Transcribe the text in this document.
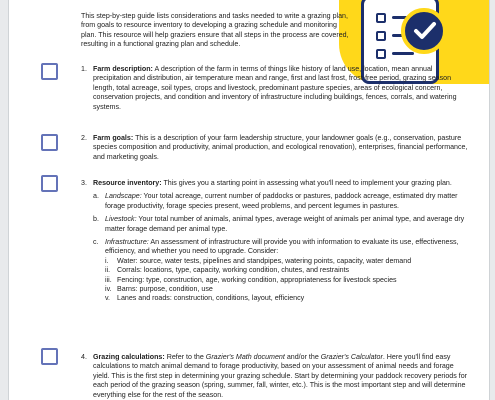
This step-by-step guide lists considerations and tasks needed to write a grazing plan, from goals to resource inventory to developing a grazing schedule and monitoring plan. This resource will help graziers ensure that all steps in the process are covered, resulting in a functional grazing plan and schedule.
1. Farm description: A description of the farm in terms of things like history of land use, location, mean annual precipitation and distribution, air temperature mean and range, first and last frost, frost-free period, grazing season length, total acreage, soil types, crops and livestock, predominant pasture species, areas of ecological concern, conservation projects, and condition and inventory of infrastructure including buildings, fences, corrals, and watering systems.
2. Farm goals: This is a description of your farm leadership structure, your landowner goals (e.g., conservation, pasture species composition and productivity, animal production, and ecological renovation), enterprises, financial performance, and marketing goals.
3. Resource inventory: This gives you a starting point in assessing what you'll need to implement your grazing plan.
a. Landscape: Your total acreage, current number of paddocks or pastures, paddock acreage, estimated dry matter forage productivity, forage species present, weed problems, and percent legumes in pastures.
b. Livestock: Your total number of animals, animal types, average weight of animals per animal type, and average dry matter forage demand per animal type.
c. Infrastructure: An assessment of infrastructure will provide you with information to evaluate its use, effectiveness, efficiency, and whether you need to upgrade. Consider:
i. Water: source, water tests, pipelines and standpipes, watering points, capacity, water demand
ii. Corrals: locations, type, capacity, working condition, chutes, and restraints
iii. Fencing: type, construction, age, working condition, appropriateness for livestock species
iv. Barns: purpose, condition, use
v. Lanes and roads: construction, conditions, layout, efficiency
4. Grazing calculations: Refer to the Grazier's Math document and/or the Grazier's Calculator. Here you'll find easy calculations to match animal demand to forage productivity, based on your assessment of animal needs and forage yield. This is the first step in determining your grazing schedule. Start by determining your paddock recovery periods for each period of the grazing season (spring, summer, fall, winter, etc.). This is the most important step and will determine everything else for the rest of the season.
